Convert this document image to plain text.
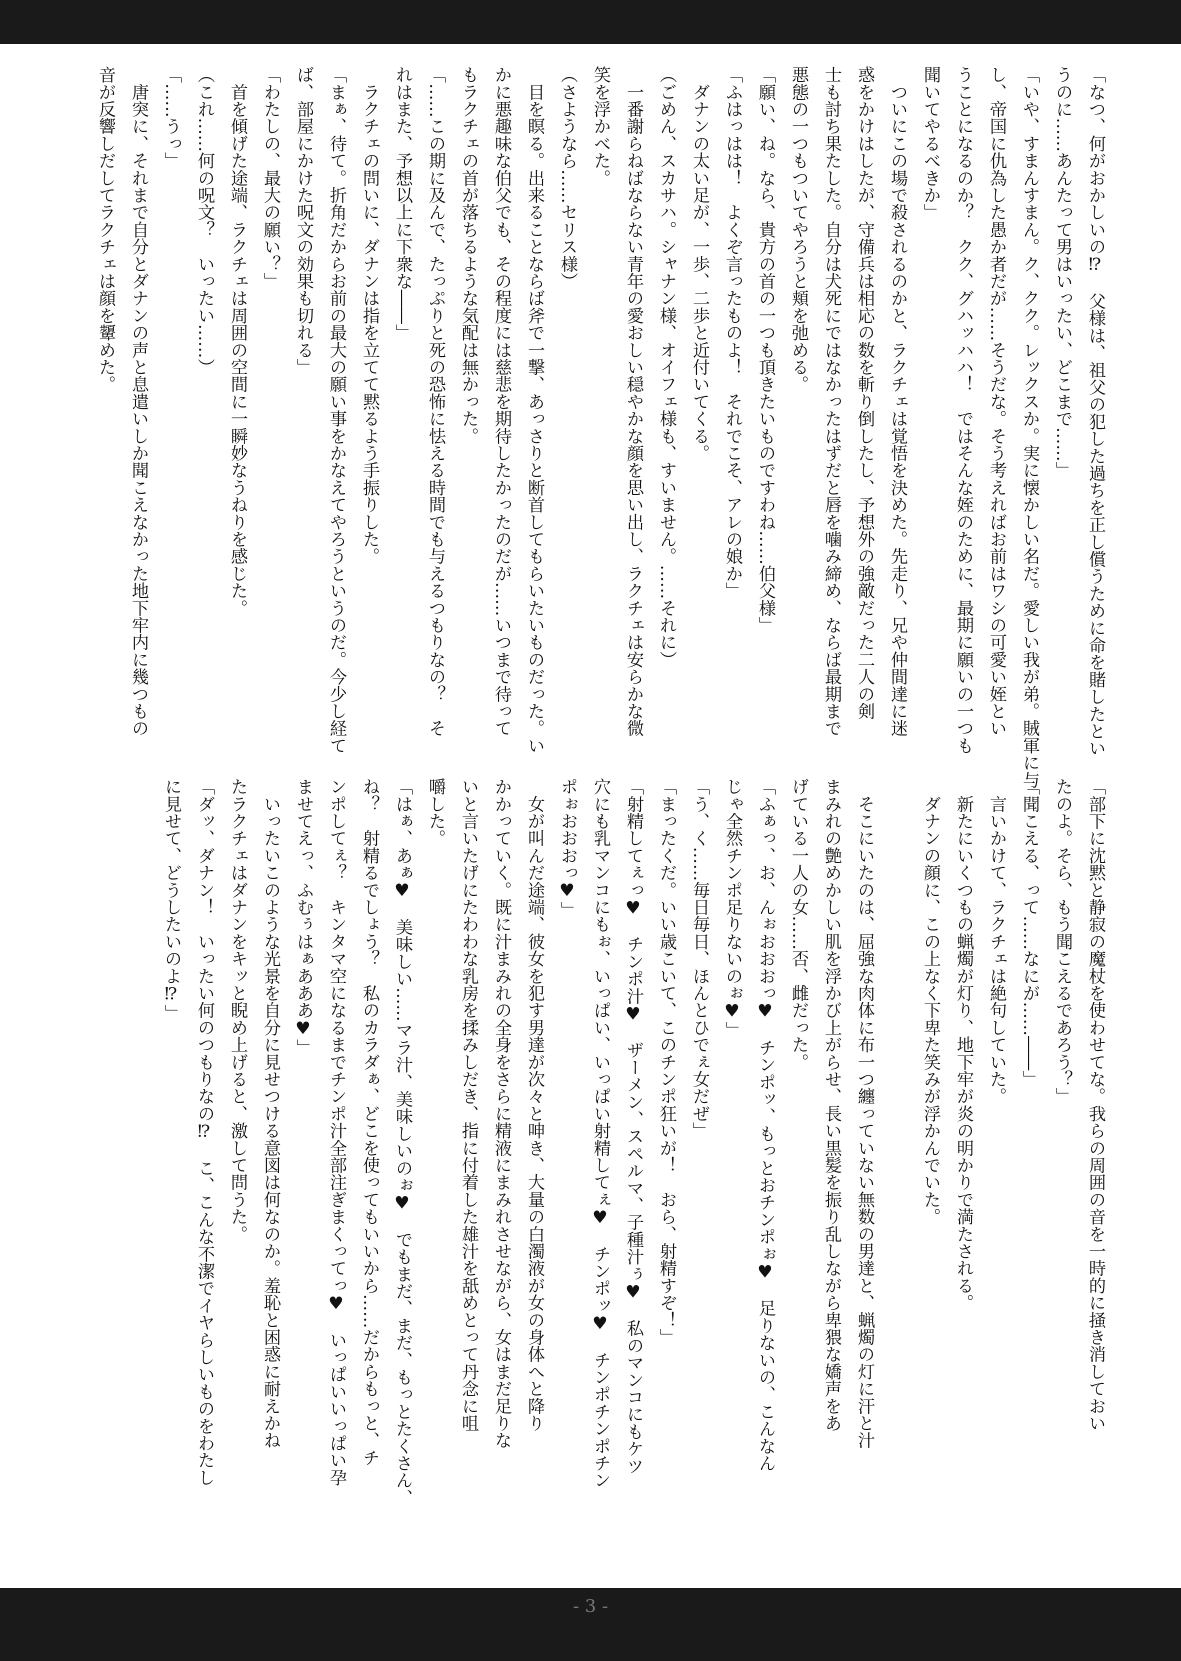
「なつ、何がおかしいの⁉　父様は、祖父の犯した過ちを正し償うために命を賭したとい
うのに……あんたって男はいったい、どこまで……」
「いや、すまんすまん。ク、クク。レックスか。実に懐かしい名だ。愛しい我が弟。賊軍に与
し、帝国に仇為した愚か者だが……そうだな。そう考えればお前はワシの可愛い姪とい
うことになるのか？　クク、グハッハハ！　ではそんな姪のために、最期に願いの一つも
聞いてやるべきか」
　ついにこの場で殺されるのかと、ラクチェは覚悟を決めた。先走り、兄や仲間達に迷
惑をかけはしたが、守備兵は相応の数を斬り倒したし、予想外の強敵だった二人の剣
士も討ち果たした。自分は犬死にではなかったはずだと唇を噛み締め、ならば最期まで
悪態の一つもついてやろうと頬を弛める。
「願い、ね。なら、貴方の首の一つも頂きたいものですわね……伯父様」
「ふはっはは！　よくぞ言ったものよ！　それでこそ、アレの娘か」
　ダナンの太い足が、一歩、二歩と近付いてくる。
（ごめん、スカサハ。シャナン様、オイフェ様も、すいません。……それに）
　一番謝らねばならない青年の愛おしい穏やかな顔を思い出し、ラクチェは安らかな微
笑を浮かべた。
（さようなら……セリス様）
　目を瞑る。出来ることならば斧で一撃、あっさりと断首してもらいたいものだった。い
かに悪趣味な伯父でも、その程度には慈悲を期待したかったのだが……いつまで待って
もラクチェの首が落ちるような気配は無かった。
「……この期に及んで、たっぷりと死の恐怖に怯える時間でも与えるつもりなの？　そ
れはまた、予想以上に下衆な――」
　ラクチェの問いに、ダナンは指を立てて黙るよう手振りした。
「まぁ、待て。折角だからお前の最大の願い事をかなえてやろうというのだ。今少し経て
ば、部屋にかけた呪文の効果も切れる」
「わたしの、最大の願い？」
　首を傾げた途端、ラクチェは周囲の空間に一瞬妙なうねりを感じた。
（これ……何の呪文？　いったい……）
「……うっ」
　唐突に、それまで自分とダナンの声と息遣いしか聞こえなかった地下牢内に幾つもの
音が反響しだしてラクチェは顔を顰めた。
「部下に沈黙と静寂の魔杖を使わせてな。我らの周囲の音を一時的に掻き消しておい
たのよ。そら、もう聞こえるであろう？」
「聞こえる、って……なにが……――」
　言いかけて、ラクチェは絶句していた。
　新たにいくつもの蝋燭が灯り、地下牢が炎の明かりで満たされる。
　ダナンの顔に、この上なく下卑た笑みが浮かんでいた。
　そこにいたのは、屈強な肉体に布一つ纏っていない無数の男達と、蝋燭の灯に汗と汁
まみれの艶めかしい肌を浮かび上がらせ、長い黒髪を振り乱しながら卑猥な嬌声をあ
げている一人の女……否、雌だった。
「ふぁっ、お、んぉおおおっ♥　チンポッ、もっとおチンポぉ♥　足りないの、こんなん
じゃ全然チンポ足りないのぉ♥」
「う、く……毎日毎日、ほんとひでぇ女だぜ」
「まったくだ。いい歳こいて、このチンポ狂いが！　おら、射精すぞ！」
「射精してぇっ♥　チンポ汁♥　ザーメン、スペルマ、子種汁ぅ♥　私のマンコにもケツ
穴にも乳マンコにもぉ、いっぱい、いっぱい射精してぇ♥　チンポッ♥　チンポチンポチン
ポぉおおおっ♥」
　女が叫んだ途端、彼女を犯す男達が次々と呻き、大量の白濁液が女の身体へと降り
かかっていく。既に汁まみれの全身をさらに精液にまみれさせながら、女はまだ足りな
いと言いたげにたわわな乳房を揉みしだき、指に付着した雄汁を舐めとって丹念に咀
嚼した。
「はぁ、あぁ♥　美味しい……マラ汁、美味しいのぉ♥　でもまだ、まだ、もっとたくさん、
ね？　射精るでしょう？　私のカラダぁ、どこを使ってもいいから……だからもっと、チ
ンポしてぇ？　キンタマ空になるまでチンポ汁全部注ぎまくってっ♥　いっぱいいっぱい孕
ませてえっ、ふむぅはぁあああ♥」
　いったいこのような光景を自分に見せつける意図は何なのか。羞恥と困惑に耐えかね
たラクチェはダナンをキッと睨め上げると、激して問うた。
「ダッ、ダナン！　いったい何のつもりなの⁉　こ、こんな不潔でイヤらしいものをわたし
に見せて、どうしたいのよ⁉」
- 3 -
